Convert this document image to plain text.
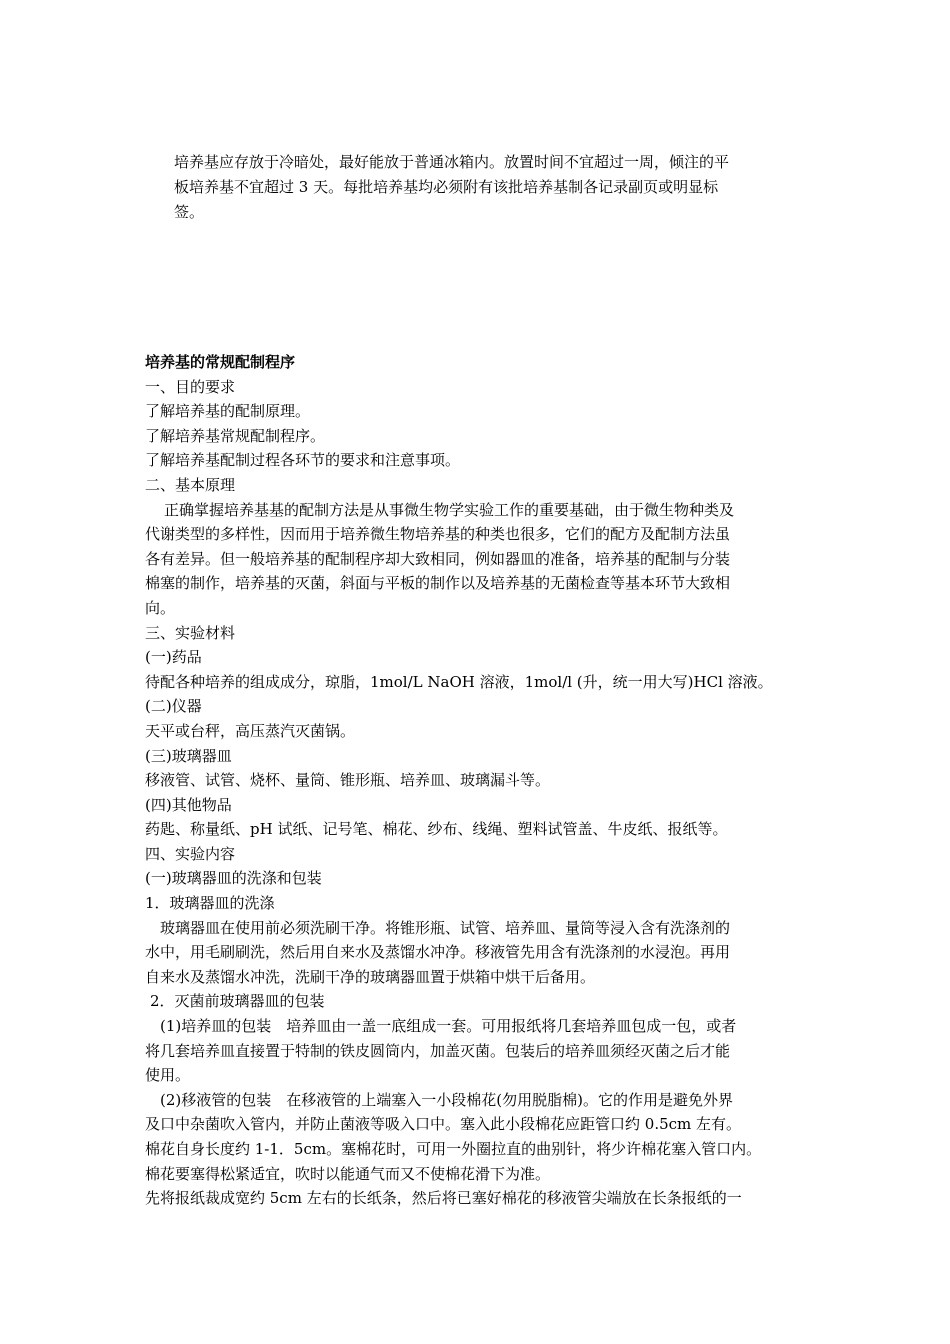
培养基应存放于冷暗处，最好能放于普通冰箱内。放置时间不宜超过一周，倾注的平

板培养基不宜超过 3 天。每批培养基均必须附有该批培养基制各记录副页或明显标

签。

培养基的常规配制程序

一、目的要求

了解培养基的配制原理。

了解培养基常规配制程序。

了解培养基配制过程各环节的要求和注意事项。

二、基本原理

正确掌握培养基基的配制方法是从事微生物学实验工作的重要基础，由于微生物种类及

代谢类型的多样性，因而用于培养微生物培养基的种类也很多，它们的配方及配制方法虽

各有差异。但一般培养基的配制程序却大致相同，例如器皿的准备，培养基的配制与分装

棉塞的制作，培养基的灭菌，斜面与平板的制作以及培养基的无菌检查等基本环节大致相

向。

三、实验材料

(一)药品

待配各种培养的组成成分，琼脂，1mol/L NaOH 溶液，1mol/l (升，统一用大写)HCl 溶液。

(二)仪器

天平或台秤，高压蒸汽灭菌锅。

(三)玻璃器皿

移液管、试管、烧杯、量筒、锥形瓶、培养皿、玻璃漏斗等。

(四)其他物品

药匙、称量纸、pH 试纸、记号笔、棉花、纱布、线绳、塑料试管盖、牛皮纸、报纸等。

四、实验内容

(一)玻璃器皿的洗涤和包装

1．玻璃器皿的洗涤

玻璃器皿在使用前必须洗刷干净。将锥形瓶、试管、培养皿、量筒等浸入含有洗涤剂的

水中，用毛刷刷洗，然后用自来水及蒸馏水冲净。移液管先用含有洗涤剂的水浸泡。再用

自来水及蒸馏水冲洗，洗刷干净的玻璃器皿置于烘箱中烘干后备用。

2．灭菌前玻璃器皿的包装

(1)培养皿的包装　培养皿由一盖一底组成一套。可用报纸将几套培养皿包成一包，或者

将几套培养皿直接置于特制的铁皮圆筒内，加盖灭菌。包装后的培养皿须经灭菌之后才能

使用。

(2)移液管的包装　在移液管的上端塞入一小段棉花(勿用脱脂棉)。它的作用是避免外界

及口中杂菌吹入管内，并防止菌液等吸入口中。塞入此小段棉花应距管口约 0.5cm 左有。

棉花自身长度约 1-1．5cm。塞棉花时，可用一外圈拉直的曲别针，将少许棉花塞入管口内。

棉花要塞得松紧适宜，吹时以能通气而又不使棉花滑下为准。

先将报纸裁成宽约 5cm 左右的长纸条，然后将已塞好棉花的移液管尖端放在长条报纸的一
